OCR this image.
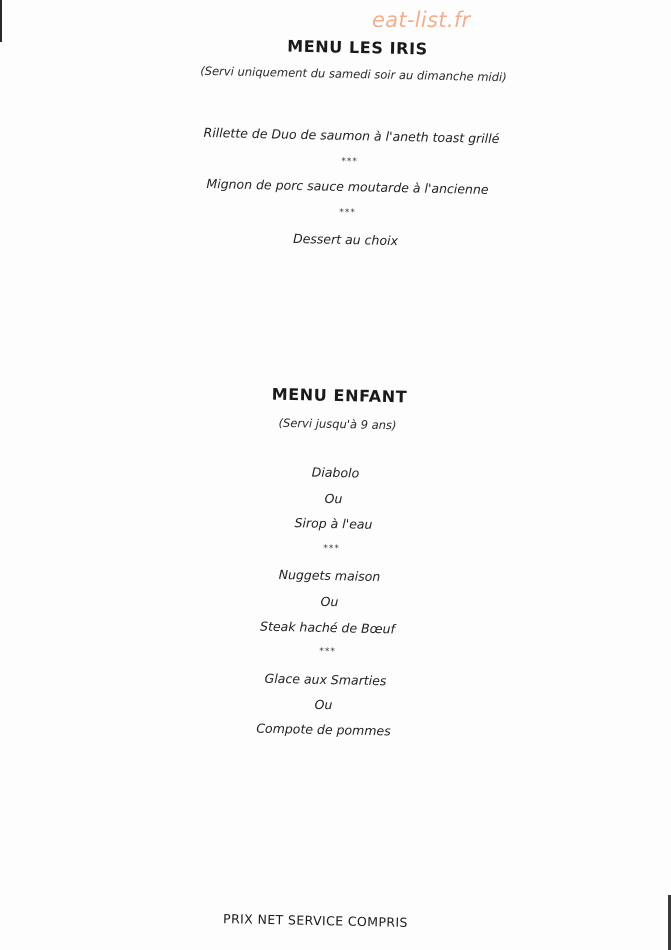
eat-list.fr
MENU LES IRIS
(Servi uniquement du samedi soir au dimanche midi)
Rillette de Duo de saumon à l'aneth toast grillé
***
Mignon de porc sauce moutarde à l'ancienne
***
Dessert au choix
MENU ENFANT
(Servi jusqu'à 9 ans)
Diabolo
Ou
Sirop à l'eau
***
Nuggets maison
Ou
Steak haché de Bœuf
***
Glace aux Smarties
Ou
Compote de pommes
PRIX NET SERVICE COMPRIS
